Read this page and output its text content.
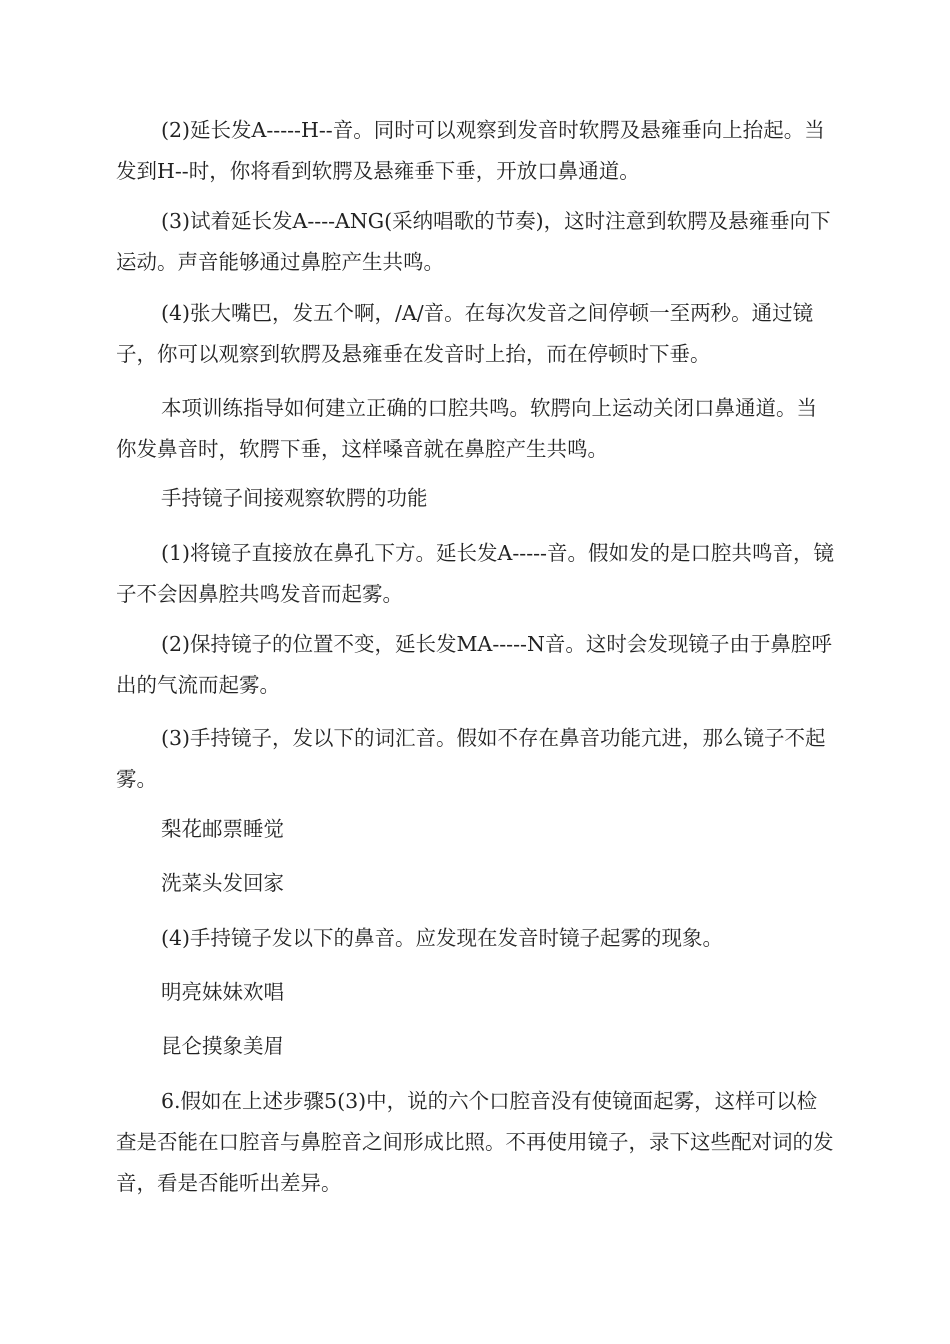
(2)延长发A-----H--音。同时可以观察到发音时软腭及悬雍垂向上抬起。当发到H--时，你将看到软腭及悬雍垂下垂，开放口鼻通道。

(3)试着延长发A----ANG(采纳唱歌的节奏)，这时注意到软腭及悬雍垂向下运动。声音能够通过鼻腔产生共鸣。

(4)张大嘴巴，发五个啊，/A/音。在每次发音之间停顿一至两秒。通过镜子，你可以观察到软腭及悬雍垂在发音时上抬，而在停顿时下垂。

本项训练指导如何建立正确的口腔共鸣。软腭向上运动关闭口鼻通道。当你发鼻音时，软腭下垂，这样嗓音就在鼻腔产生共鸣。

手持镜子间接观察软腭的功能

(1)将镜子直接放在鼻孔下方。延长发A-----音。假如发的是口腔共鸣音，镜子不会因鼻腔共鸣发音而起雾。

(2)保持镜子的位置不变，延长发MA-----N音。这时会发现镜子由于鼻腔呼出的气流而起雾。

(3)手持镜子，发以下的词汇音。假如不存在鼻音功能亢进，那么镜子不起雾。

梨花邮票睡觉

洗菜头发回家

(4)手持镜子发以下的鼻音。应发现在发音时镜子起雾的现象。

明亮妹妹欢唱

昆仑摸象美眉

6.假如在上述步骤5(3)中，说的六个口腔音没有使镜面起雾，这样可以检查是否能在口腔音与鼻腔音之间形成比照。不再使用镜子，录下这些配对词的发音，看是否能听出差异。
